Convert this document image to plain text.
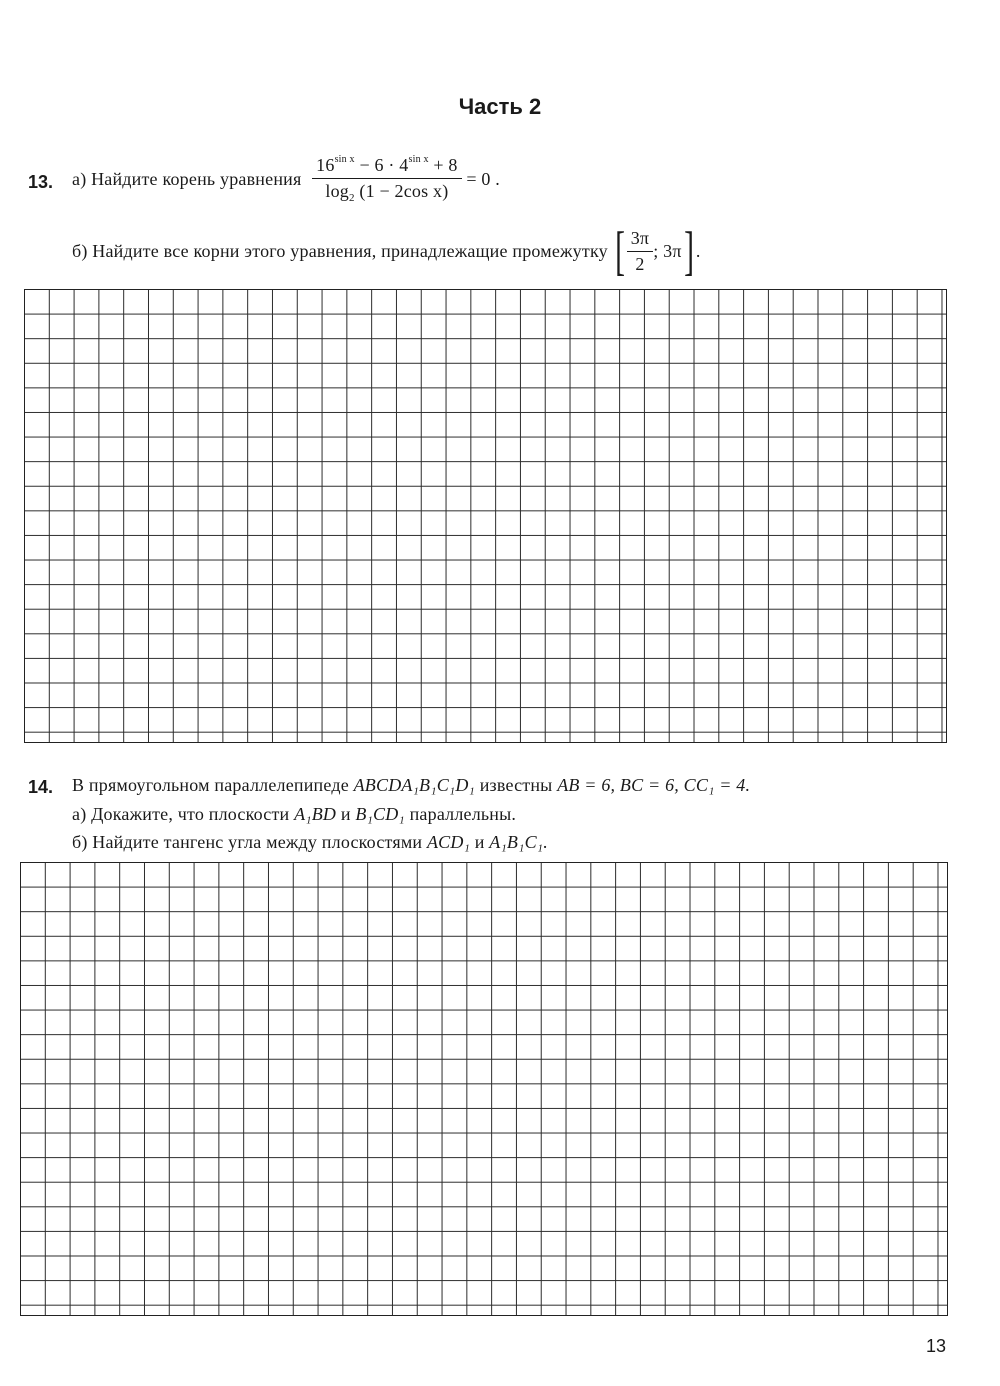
Часть 2
13. а) Найдите корень уравнения $\frac{16^{sin x} - 6 \cdot 4^{sin x} + 8}{\log_2 (1 - 2\cos x)} = 0$ .
б) Найдите все корни этого уравнения, принадлежащие промежутку [ $\frac{3\pi}{2}$ ; 3π] .
14. В прямоугольном параллелепипеде ABCDA₁B₁C₁D₁ известны AB = 6, BC = 6, CC₁ = 4.
а) Докажите, что плоскости A₁BD и B₁CD₁ параллельны.
б) Найдите тангенс угла между плоскостями ACD₁ и A₁B₁C₁.
13
